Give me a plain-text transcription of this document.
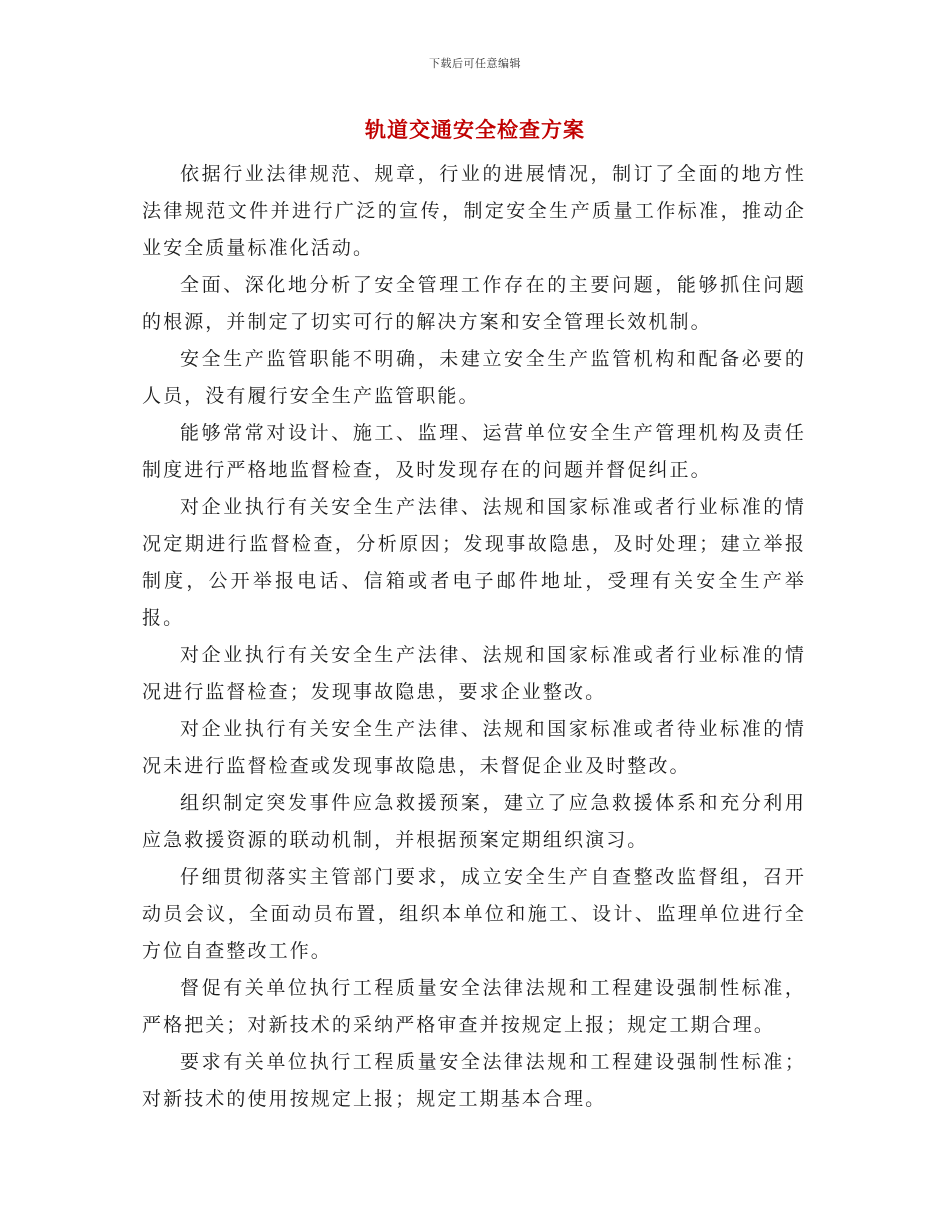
下载后可任意编辑
轨道交通安全检查方案

依据行业法律规范、规章，行业的进展情况，制订了全面的地方性法律规范文件并进行广泛的宣传，制定安全生产质量工作标准，推动企业安全质量标准化活动。

全面、深化地分析了安全管理工作存在的主要问题，能够抓住问题的根源，并制定了切实可行的解决方案和安全管理长效机制。

安全生产监管职能不明确，未建立安全生产监管机构和配备必要的人员，没有履行安全生产监管职能。

能够常常对设计、施工、监理、运营单位安全生产管理机构及责任制度进行严格地监督检查，及时发现存在的问题并督促纠正。

对企业执行有关安全生产法律、法规和国家标准或者行业标准的情况定期进行监督检查，分析原因；发现事故隐患，及时处理；建立举报制度，公开举报电话、信箱或者电子邮件地址，受理有关安全生产举报。

对企业执行有关安全生产法律、法规和国家标准或者行业标准的情况进行监督检查；发现事故隐患，要求企业整改。

对企业执行有关安全生产法律、法规和国家标准或者待业标准的情况未进行监督检查或发现事故隐患，未督促企业及时整改。

组织制定突发事件应急救援预案，建立了应急救援体系和充分利用应急救援资源的联动机制，并根据预案定期组织演习。

仔细贯彻落实主管部门要求，成立安全生产自查整改监督组，召开动员会议，全面动员布置，组织本单位和施工、设计、监理单位进行全方位自查整改工作。

督促有关单位执行工程质量安全法律法规和工程建设强制性标准，严格把关；对新技术的采纳严格审查并按规定上报；规定工期合理。

要求有关单位执行工程质量安全法律法规和工程建设强制性标准；对新技术的使用按规定上报；规定工期基本合理。
